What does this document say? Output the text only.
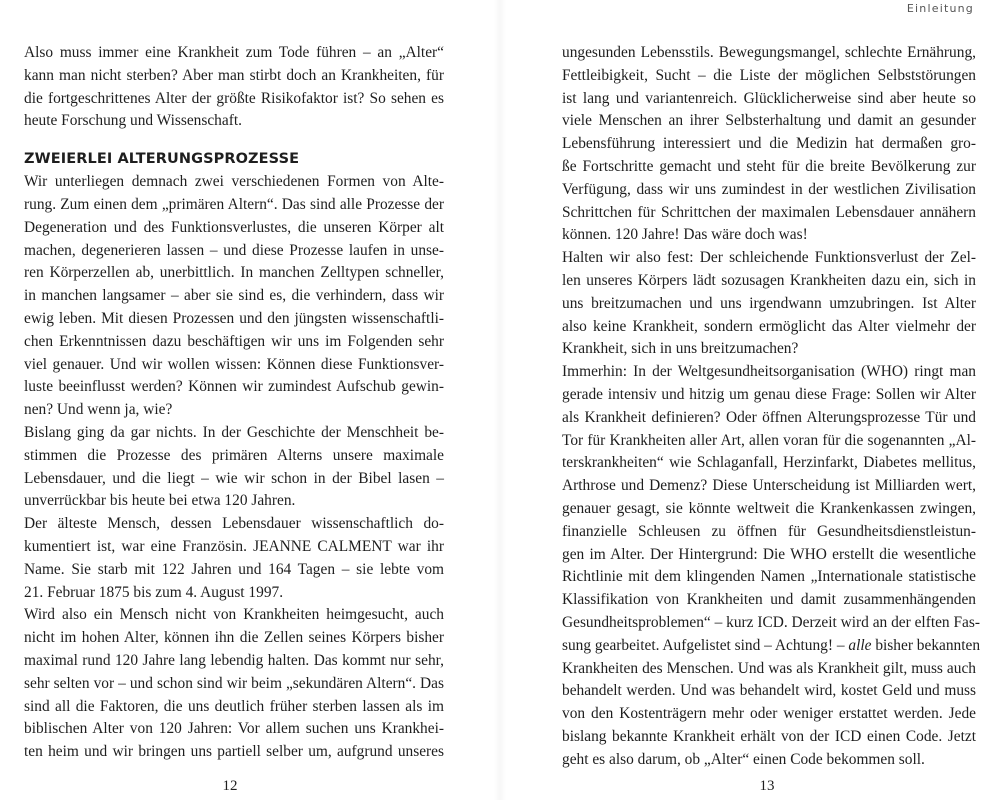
Also muss immer eine Krankheit zum Tode führen – an „Alter“
kann man nicht sterben? Aber man stirbt doch an Krankheiten, für
die fortgeschrittenes Alter der größte Risikofaktor ist? So sehen es
heute Forschung und Wissenschaft.
ZWEIERLEI ALTERUNGSPROZESSE
Wir unterliegen demnach zwei verschiedenen Formen von Alte-
rung. Zum einen dem „primären Altern“. Das sind alle Prozesse der
Degeneration und des Funktionsverlustes, die unseren Körper alt
machen, degenerieren lassen – und diese Prozesse laufen in unse-
ren Körperzellen ab, unerbittlich. In manchen Zelltypen schneller,
in manchen langsamer – aber sie sind es, die verhindern, dass wir
ewig leben. Mit diesen Prozessen und den jüngsten wissenschaftli-
chen Erkenntnissen dazu beschäftigen wir uns im Folgenden sehr
viel genauer. Und wir wollen wissen: Können diese Funktionsver-
luste beeinflusst werden? Können wir zumindest Aufschub gewin-
nen? Und wenn ja, wie?
Bislang ging da gar nichts. In der Geschichte der Menschheit be-
stimmen die Prozesse des primären Alterns unsere maximale
Lebensdauer, und die liegt – wie wir schon in der Bibel lasen –
unverrückbar bis heute bei etwa 120 Jahren.
Der älteste Mensch, dessen Lebensdauer wissenschaftlich do-
kumentiert ist, war eine Französin. JEANNE CALMENT war ihr
Name. Sie starb mit 122 Jahren und 164 Tagen – sie lebte vom
21. Februar 1875 bis zum 4. August 1997.
Wird also ein Mensch nicht von Krankheiten heimgesucht, auch
nicht im hohen Alter, können ihn die Zellen seines Körpers bisher
maximal rund 120 Jahre lang lebendig halten. Das kommt nur sehr,
sehr selten vor – und schon sind wir beim „sekundären Altern“. Das
sind all die Faktoren, die uns deutlich früher sterben lassen als im
biblischen Alter von 120 Jahren: Vor allem suchen uns Krankhei-
ten heim und wir bringen uns partiell selber um, aufgrund unseres
12
Einleitung
ungesunden Lebensstils. Bewegungsmangel, schlechte Ernährung,
Fettleibigkeit, Sucht – die Liste der möglichen Selbststörungen
ist lang und variantenreich. Glücklicherweise sind aber heute so
viele Menschen an ihrer Selbsterhaltung und damit an gesunder
Lebensführung interessiert und die Medizin hat dermaßen gro-
ße Fortschritte gemacht und steht für die breite Bevölkerung zur
Verfügung, dass wir uns zumindest in der westlichen Zivilisation
Schrittchen für Schrittchen der maximalen Lebensdauer annähern
können. 120 Jahre! Das wäre doch was!
Halten wir also fest: Der schleichende Funktionsverlust der Zel-
len unseres Körpers lädt sozusagen Krankheiten dazu ein, sich in
uns breitzumachen und uns irgendwann umzubringen. Ist Alter
also keine Krankheit, sondern ermöglicht das Alter vielmehr der
Krankheit, sich in uns breitzumachen?
Immerhin: In der Weltgesundheitsorganisation (WHO) ringt man
gerade intensiv und hitzig um genau diese Frage: Sollen wir Alter
als Krankheit definieren? Oder öffnen Alterungsprozesse Tür und
Tor für Krankheiten aller Art, allen voran für die sogenannten „Al-
terskrankheiten“ wie Schlaganfall, Herzinfarkt, Diabetes mellitus,
Arthrose und Demenz? Diese Unterscheidung ist Milliarden wert,
genauer gesagt, sie könnte weltweit die Krankenkassen zwingen,
finanzielle Schleusen zu öffnen für Gesundheitsdienstleistun-
gen im Alter. Der Hintergrund: Die WHO erstellt die wesentliche
Richtlinie mit dem klingenden Namen „Internationale statistische
Klassifikation von Krankheiten und damit zusammenhängenden
Gesundheitsproblemen“ – kurz ICD. Derzeit wird an der elften Fas-
sung gearbeitet. Aufgelistet sind – Achtung! – alle bisher bekannten
Krankheiten des Menschen. Und was als Krankheit gilt, muss auch
behandelt werden. Und was behandelt wird, kostet Geld und muss
von den Kostenträgern mehr oder weniger erstattet werden. Jede
bislang bekannte Krankheit erhält von der ICD einen Code. Jetzt
geht es also darum, ob „Alter“ einen Code bekommen soll.
13
